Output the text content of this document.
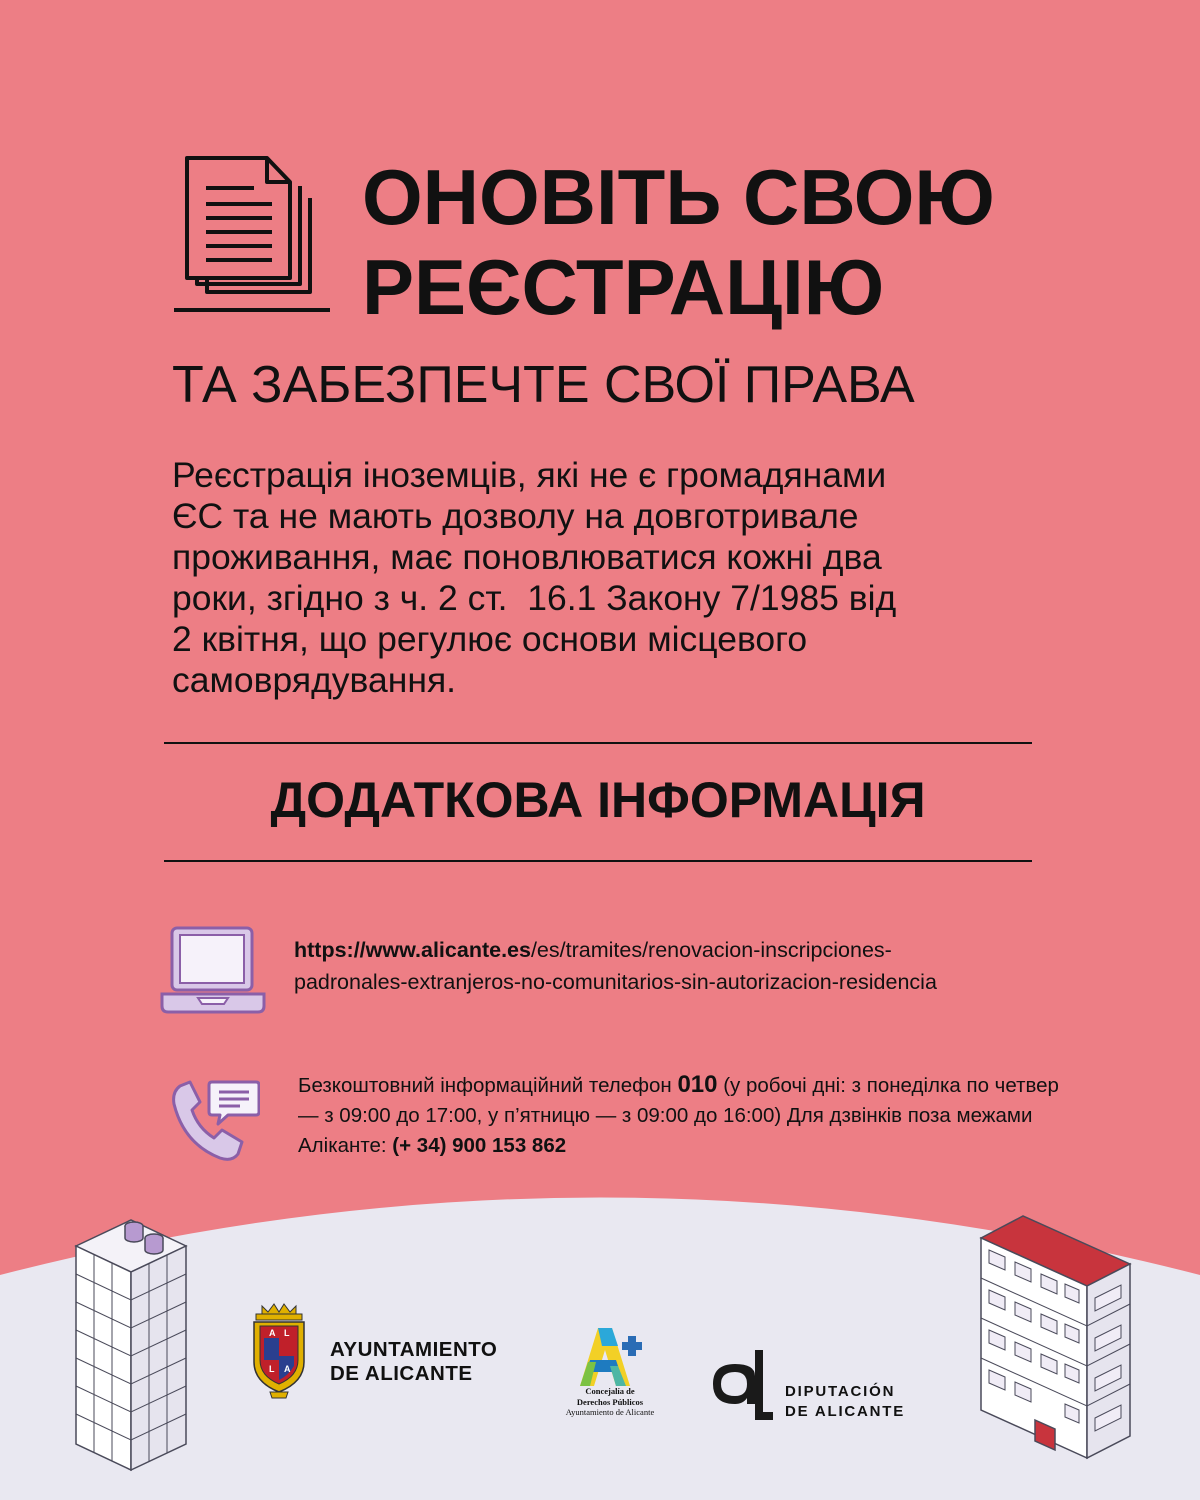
ОНОВІТЬ СВОЮ
РЕЄСТРАЦІЮ
ТА ЗАБЕЗПЕЧТЕ СВОЇ ПРАВА
Реєстрація іноземців, які не є громадянами
ЄС та не мають дозволу на довготривале
проживання, має поновлюватися кожні два
роки, згідно з ч. 2 ст.  16.1 Закону 7/1985 від
2 квітня, що регулює основи місцевого
самоврядування.
ДОДАТКОВА ІНФОРМАЦІЯ
https://www.alicante.es/es/tramites/renovacion-inscripciones-
padronales-extranjeros-no-comunitarios-sin-autorizacion-residencia
Безкоштовний інформаційний телефон 010 (у робочі дні: з понеділка по четвер — з 09:00 до 17:00, у п’ятницю — з 09:00 до 16:00) Для дзвінків поза межами Аліканте: (+ 34) 900 153 862
A L
L A
AYUNTAMIENTO
DE ALICANTE
Concejalía de
Derechos Públicos
Ayuntamiento de Alicante
DIPUTACIÓN
DE ALICANTE
